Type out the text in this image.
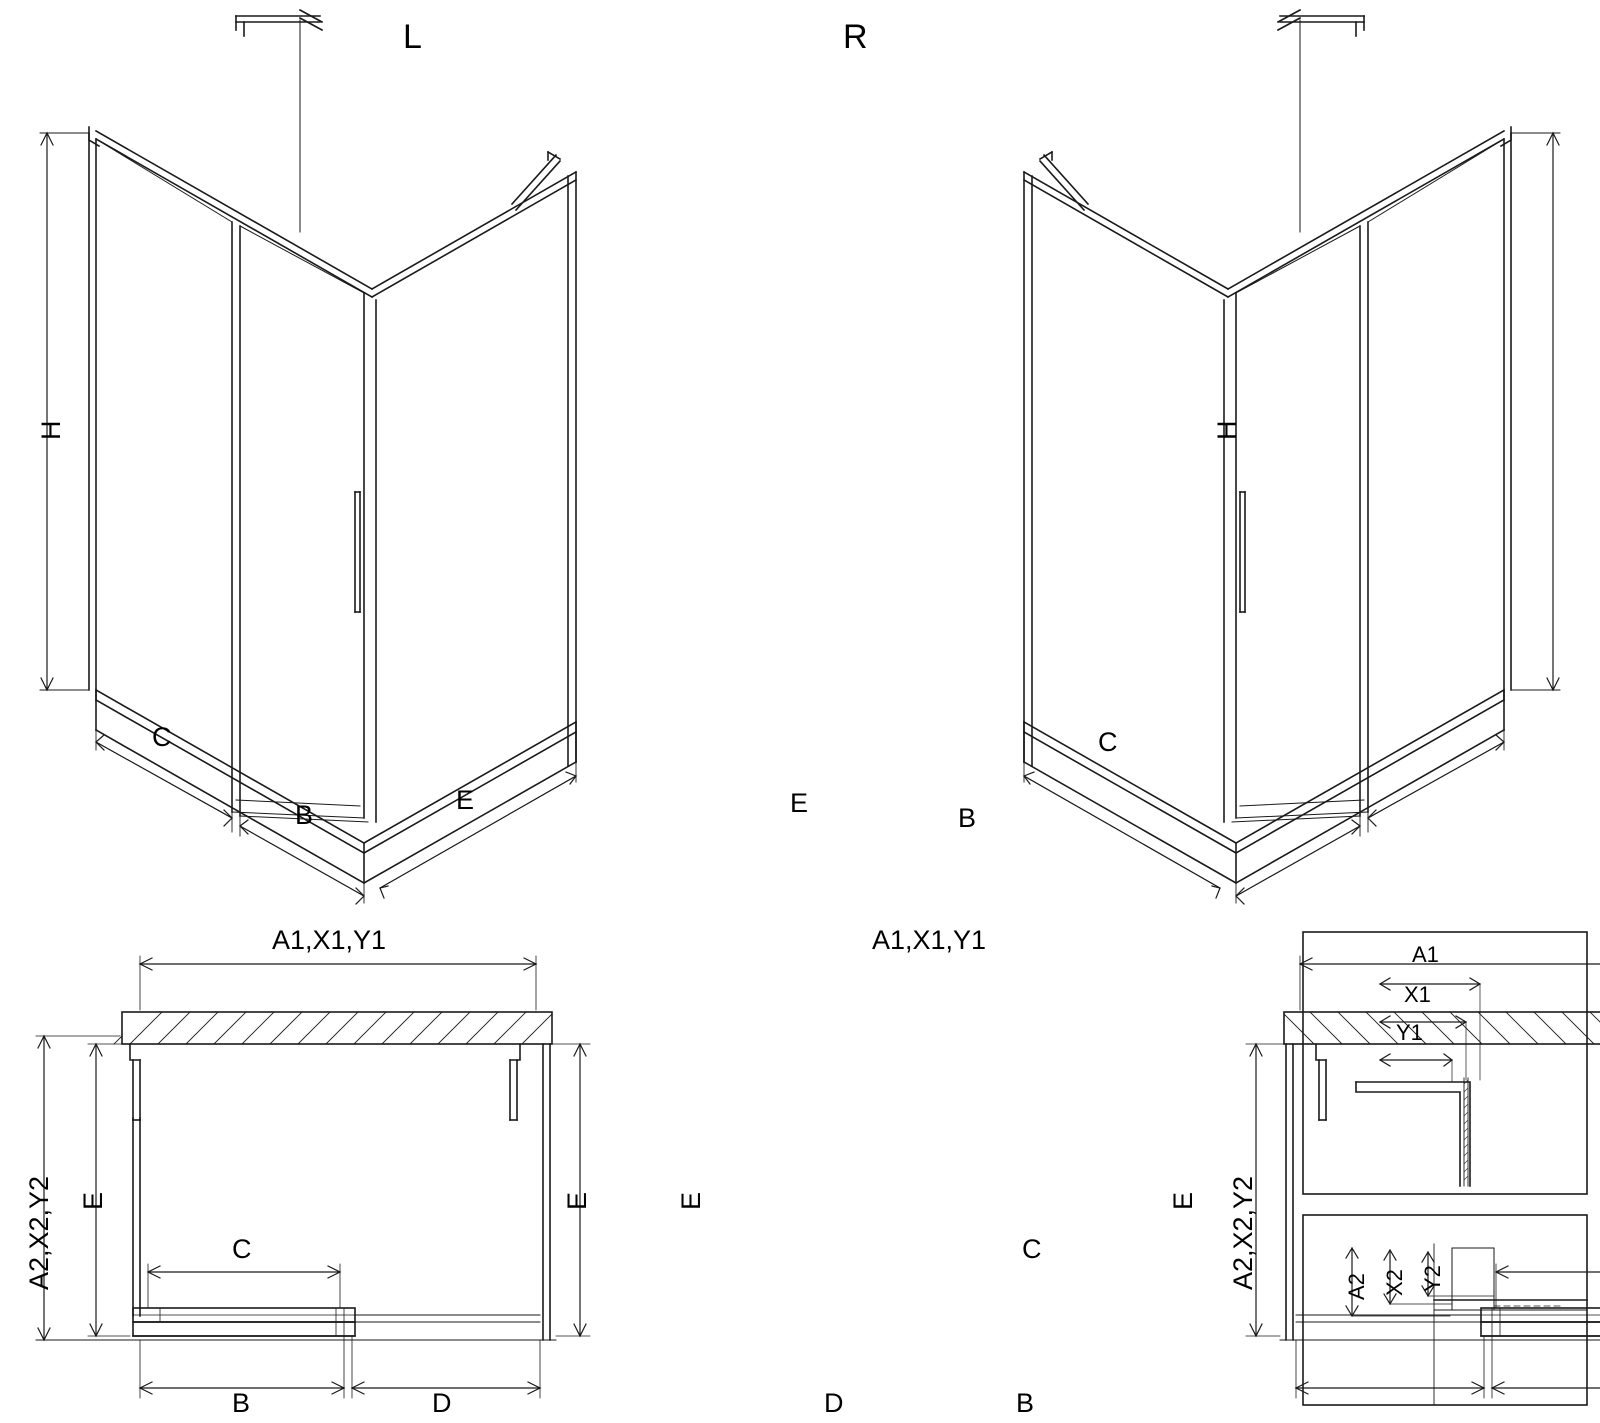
L	R
H
C
B	E
H
C
B
E
A1,X1,Y1
A2,X2,Y2 E	E
C
B	D
A1,X1,Y1
A2,X2,Y2
E	E
C
B
D
A1
X1
Y1
A2 X2 Y2
